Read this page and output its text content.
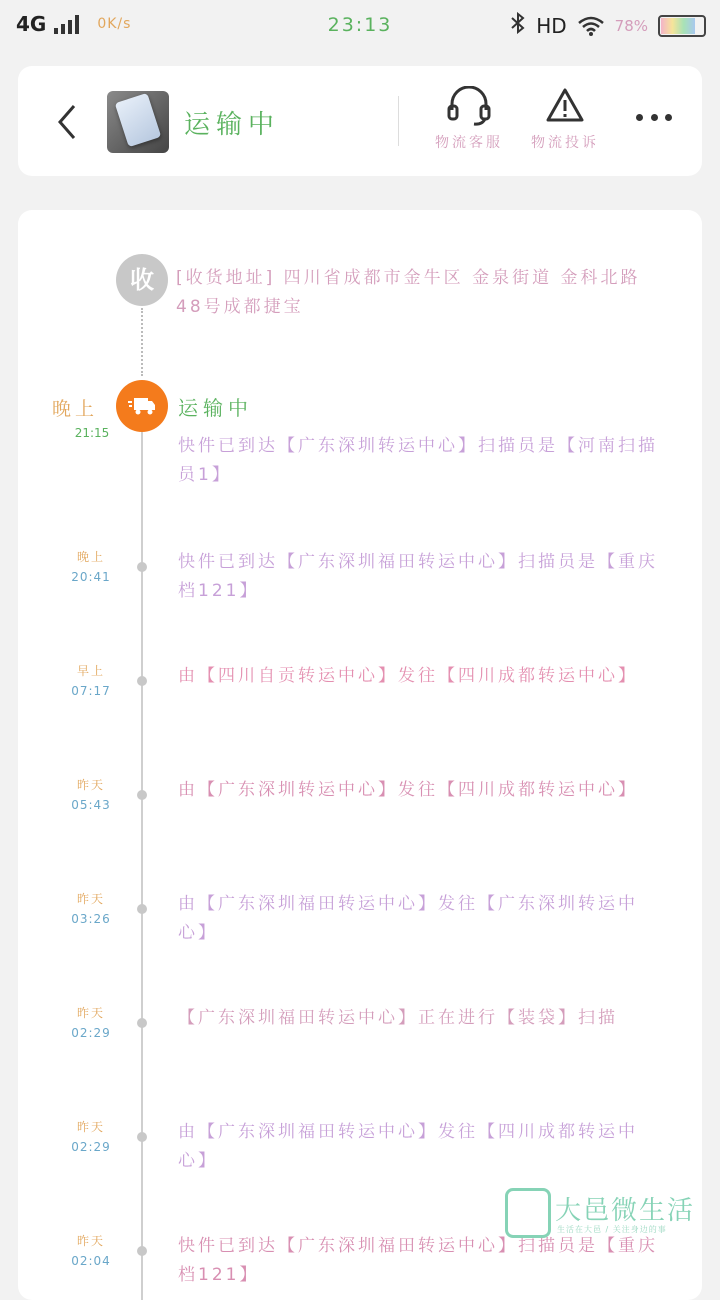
4G	0K/s	23:13	HD	78%
运输中
物流客服	物流投诉
收	[收货地址] 四川省成都市金牛区 金泉街道 金科北路48号成都捷宝
晚上
21:15
运输中
快件已到达【广东深圳转运中心】扫描员是【河南扫描员1】
晚上
20:41
快件已到达【广东深圳福田转运中心】扫描员是【重庆档121】
早上
07:17
由【四川自贡转运中心】发往【四川成都转运中心】
昨天
05:43
由【广东深圳转运中心】发往【四川成都转运中心】
昨天
03:26
由【广东深圳福田转运中心】发往【广东深圳转运中心】
昨天
02:29
【广东深圳福田转运中心】正在进行【装袋】扫描
昨天
02:29
由【广东深圳福田转运中心】发往【四川成都转运中心】
昨天
02:04
快件已到达【广东深圳福田转运中心】扫描员是【重庆档121】
大邑微生活
生活在大邑 / 关注身边的事
